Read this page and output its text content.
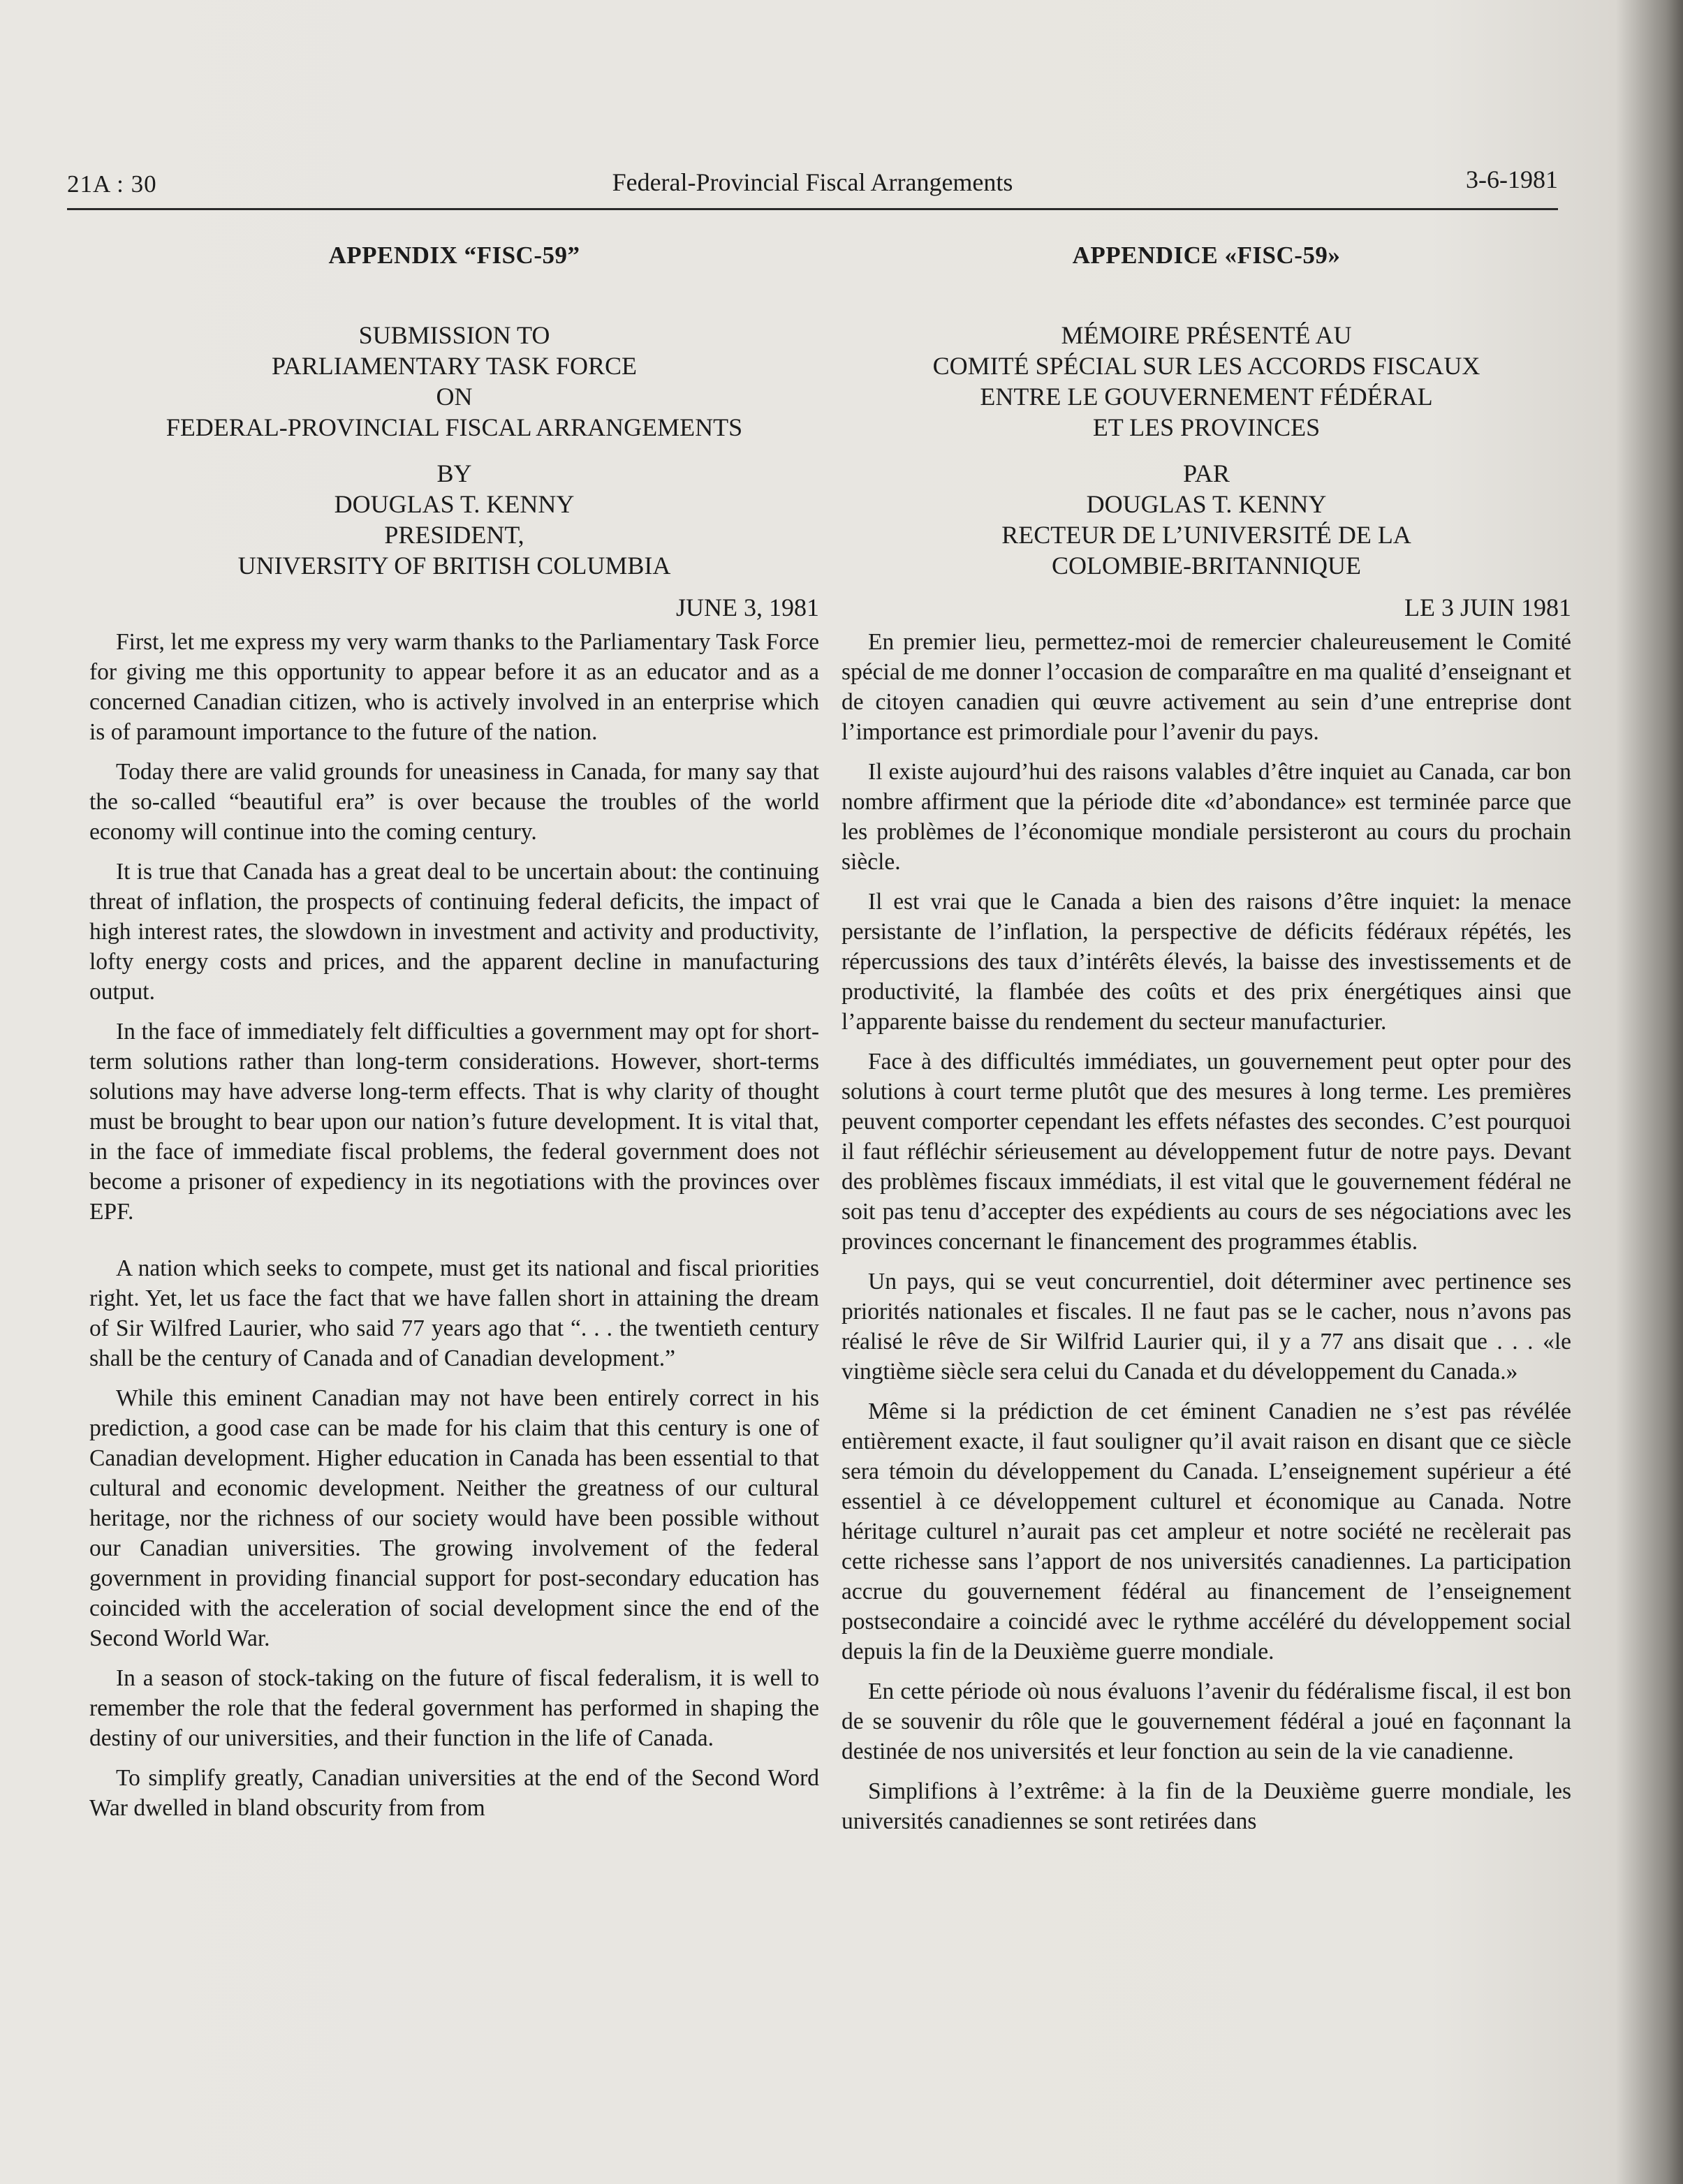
21A : 30	Federal-Provincial Fiscal Arrangements	3-6-1981
APPENDIX “FISC-59”
SUBMISSION TO
PARLIAMENTARY TASK FORCE
ON
FEDERAL-PROVINCIAL FISCAL ARRANGEMENTS
BY
DOUGLAS T. KENNY
PRESIDENT,
UNIVERSITY OF BRITISH COLUMBIA
JUNE 3, 1981

First, let me express my very warm thanks to the Parliamentary Task Force for giving me this opportunity to appear before it as an educator and as a concerned Canadian citizen, who is actively involved in an enterprise which is of paramount importance to the future of the nation.

Today there are valid grounds for uneasiness in Canada, for many say that the so-called “beautiful era” is over because the troubles of the world economy will continue into the coming century.

It is true that Canada has a great deal to be uncertain about: the continuing threat of inflation, the prospects of continuing federal deficits, the impact of high interest rates, the slowdown in investment and activity and productivity, lofty energy costs and prices, and the apparent decline in manufacturing output.

In the face of immediately felt difficulties a government may opt for short-term solutions rather than long-term considerations. However, short-terms solutions may have adverse long-term effects. That is why clarity of thought must be brought to bear upon our nation’s future development. It is vital that, in the face of immediate fiscal problems, the federal government does not become a prisoner of expediency in its negotiations with the provinces over EPF.

A nation which seeks to compete, must get its national and fiscal priorities right. Yet, let us face the fact that we have fallen short in attaining the dream of Sir Wilfred Laurier, who said 77 years ago that “. . . the twentieth century shall be the century of Canada and of Canadian development.”

While this eminent Canadian may not have been entirely correct in his prediction, a good case can be made for his claim that this century is one of Canadian development. Higher education in Canada has been essential to that cultural and economic development. Neither the greatness of our cultural heritage, nor the richness of our society would have been possible without our Canadian universities. The growing involvement of the federal government in providing financial support for post-secondary education has coincided with the acceleration of social development since the end of the Second World War.

In a season of stock-taking on the future of fiscal federalism, it is well to remember the role that the federal government has performed in shaping the destiny of our universities, and their function in the life of Canada.

To simplify greatly, Canadian universities at the end of the Second Word War dwelled in bland obscurity from from

APPENDICE «FISC-59»
MÉMOIRE PRÉSENTÉ AU
COMITÉ SPÉCIAL SUR LES ACCORDS FISCAUX
ENTRE LE GOUVERNEMENT FÉDÉRAL
ET LES PROVINCES
PAR
DOUGLAS T. KENNY
RECTEUR DE L’UNIVERSITÉ DE LA
COLOMBIE-BRITANNIQUE
LE 3 JUIN 1981

En premier lieu, permettez-moi de remercier chaleureusement le Comité spécial de me donner l’occasion de comparaître en ma qualité d’enseignant et de citoyen canadien qui œuvre activement au sein d’une entreprise dont l’importance est primordiale pour l’avenir du pays.

Il existe aujourd’hui des raisons valables d’être inquiet au Canada, car bon nombre affirment que la période dite «d’abondance» est terminée parce que les problèmes de l’économique mondiale persisteront au cours du prochain siècle.

Il est vrai que le Canada a bien des raisons d’être inquiet: la menace persistante de l’inflation, la perspective de déficits fédéraux répétés, les répercussions des taux d’intérêts élevés, la baisse des investissements et de productivité, la flambée des coûts et des prix énergétiques ainsi que l’apparente baisse du rendement du secteur manufacturier.

Face à des difficultés immédiates, un gouvernement peut opter pour des solutions à court terme plutôt que des mesures à long terme. Les premières peuvent comporter cependant les effets néfastes des secondes. C’est pourquoi il faut réfléchir sérieusement au développement futur de notre pays. Devant des problèmes fiscaux immédiats, il est vital que le gouvernement fédéral ne soit pas tenu d’accepter des expédients au cours de ses négociations avec les provinces concernant le financement des programmes établis.

Un pays, qui se veut concurrentiel, doit déterminer avec pertinence ses priorités nationales et fiscales. Il ne faut pas se le cacher, nous n’avons pas réalisé le rêve de Sir Wilfrid Laurier qui, il y a 77 ans disait que . . . «le vingtième siècle sera celui du Canada et du développement du Canada.»

Même si la prédiction de cet éminent Canadien ne s’est pas révélée entièrement exacte, il faut souligner qu’il avait raison en disant que ce siècle sera témoin du développement du Canada. L’enseignement supérieur a été essentiel à ce développement culturel et économique au Canada. Notre héritage culturel n’aurait pas cet ampleur et notre société ne recèlerait pas cette richesse sans l’apport de nos universités canadiennes. La participation accrue du gouvernement fédéral au financement de l’enseignement postsecondaire a coincidé avec le rythme accéléré du développement social depuis la fin de la Deuxième guerre mondiale.

En cette période où nous évaluons l’avenir du fédéralisme fiscal, il est bon de se souvenir du rôle que le gouvernement fédéral a joué en façonnant la destinée de nos universités et leur fonction au sein de la vie canadienne.

Simplifions à l’extrême: à la fin de la Deuxième guerre mondiale, les universités canadiennes se sont retirées dans
